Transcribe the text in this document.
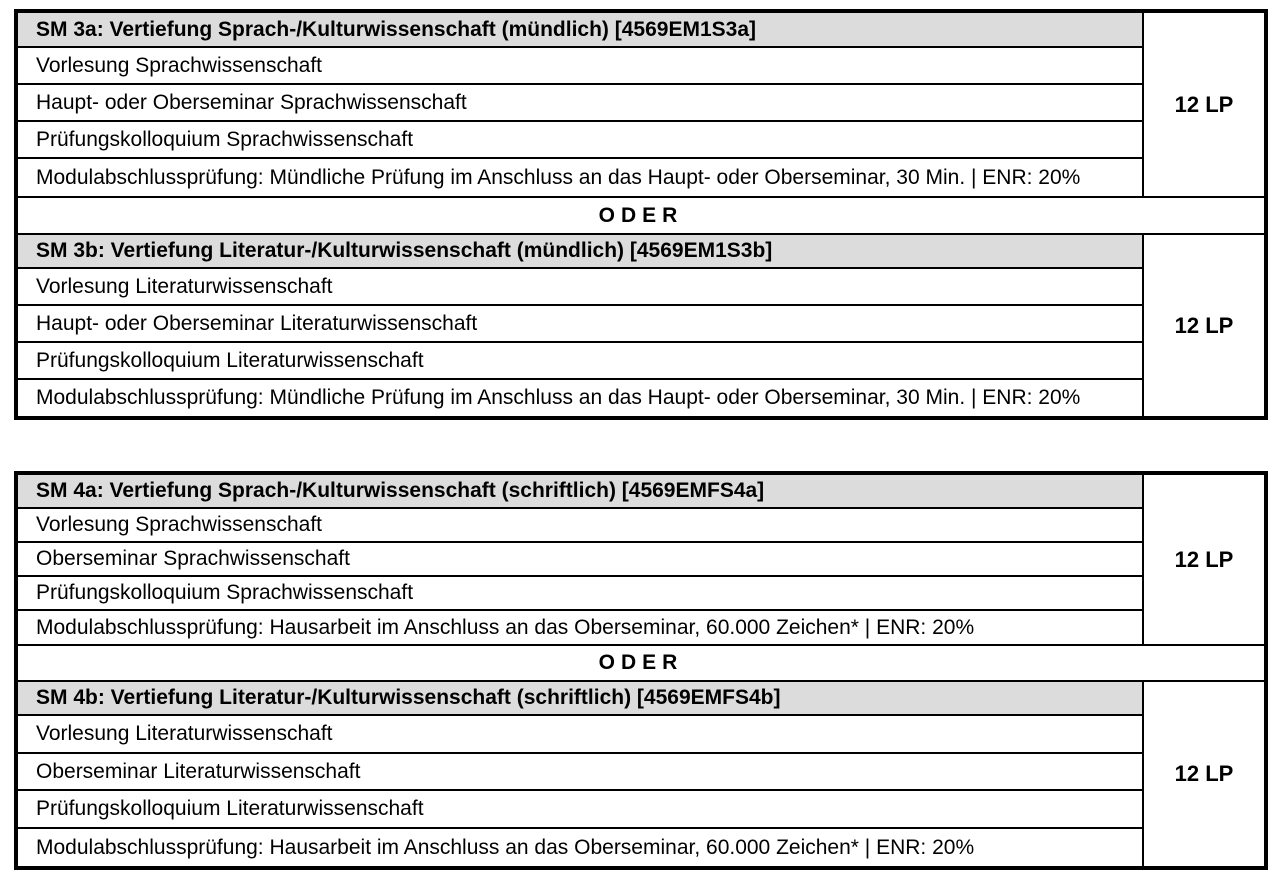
SM 3a: Vertiefung Sprach-/Kulturwissenschaft (mündlich) [4569EM1S3a]
Vorlesung Sprachwissenschaft
Haupt- oder Oberseminar Sprachwissenschaft
Prüfungskolloquium Sprachwissenschaft
Modulabschlussprüfung: Mündliche Prüfung im Anschluss an das Haupt- oder Oberseminar, 30 Min. | ENR: 20%
12 LP
ODER
SM 3b: Vertiefung Literatur-/Kulturwissenschaft (mündlich) [4569EM1S3b]
Vorlesung Literaturwissenschaft
Haupt- oder Oberseminar Literaturwissenschaft
Prüfungskolloquium Literaturwissenschaft
Modulabschlussprüfung: Mündliche Prüfung im Anschluss an das Haupt- oder Oberseminar, 30 Min. | ENR: 20%
12 LP
SM 4a: Vertiefung Sprach-/Kulturwissenschaft (schriftlich) [4569EMFS4a]
Vorlesung Sprachwissenschaft
Oberseminar Sprachwissenschaft
Prüfungskolloquium Sprachwissenschaft
Modulabschlussprüfung: Hausarbeit im Anschluss an das Oberseminar, 60.000 Zeichen* | ENR: 20%
12 LP
ODER
SM 4b: Vertiefung Literatur-/Kulturwissenschaft (schriftlich) [4569EMFS4b]
Vorlesung Literaturwissenschaft
Oberseminar Literaturwissenschaft
Prüfungskolloquium Literaturwissenschaft
Modulabschlussprüfung: Hausarbeit im Anschluss an das Oberseminar, 60.000 Zeichen* | ENR: 20%
12 LP
